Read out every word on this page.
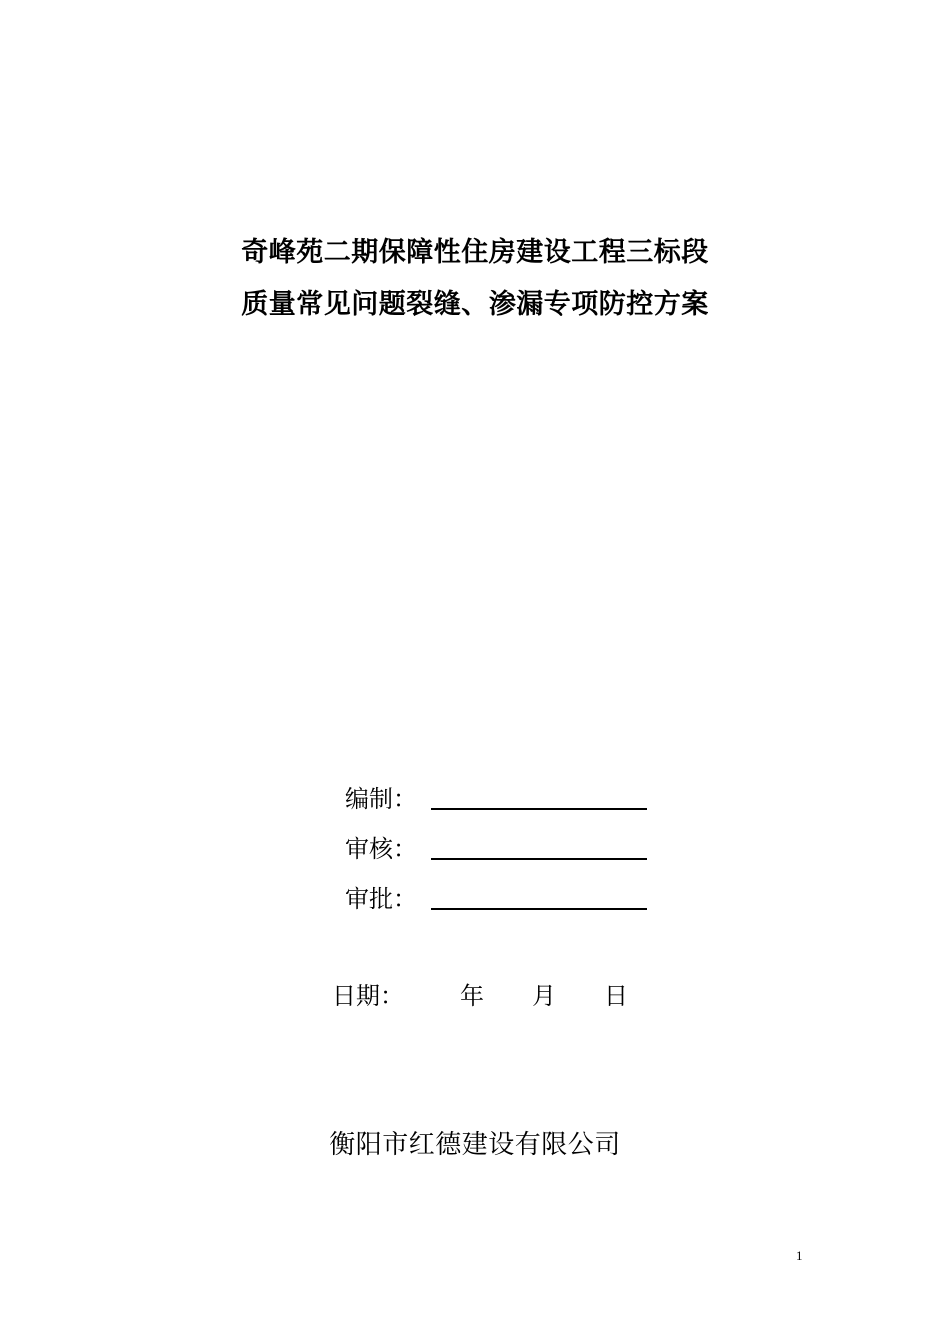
奇峰苑二期保障性住房建设工程三标段
质量常见问题裂缝、渗漏专项防控方案
编制：
审核：
审批：
日期： 年 月 日
衡阳市红德建设有限公司
1
